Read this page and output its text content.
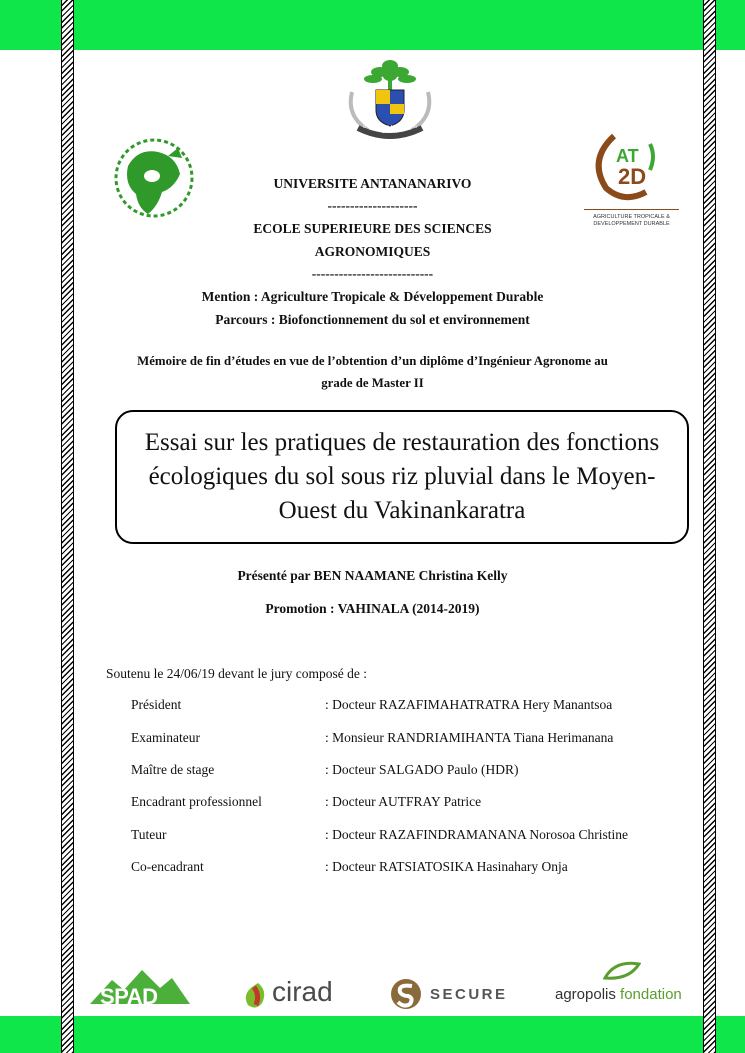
GAT AGALA NO EGA AN GHARY
AT
2D
AGRICULTURE TROPICALE &
DEVELOPPEMENT DURABLE
UNIVERSITE ANTANANARIVO
--------------------
ECOLE SUPERIEURE DES SCIENCES
AGRONOMIQUES
---------------------------
Mention : Agriculture Tropicale & Développement Durable
Parcours : Biofonctionnement du sol et environnement
Mémoire de fin d’études en vue de l’obtention d’un diplôme d’Ingénieur Agronome au
grade de Master II
Essai sur les pratiques de restauration des fonctions écologiques du sol sous riz pluvial dans le Moyen-Ouest du Vakinankaratra
Présenté par BEN NAAMANE Christina Kelly
Promotion : VAHINALA (2014-2019)
Soutenu le 24/06/19 devant le jury composé de :
Président	: Docteur RAZAFIMAHATRATRA Hery Manantsoa
Examinateur	: Monsieur RANDRIAMIHANTA Tiana Herimanana
Maître de stage	: Docteur SALGADO Paulo (HDR)
Encadrant professionnel	: Docteur AUTFRAY Patrice
Tuteur	: Docteur RAZAFINDRAMANANA Norosoa Christine
Co-encadrant	: Docteur RATSIATOSIKA Hasinahary Onja
SPAD	cirad	SECURE	agropolis fondation
